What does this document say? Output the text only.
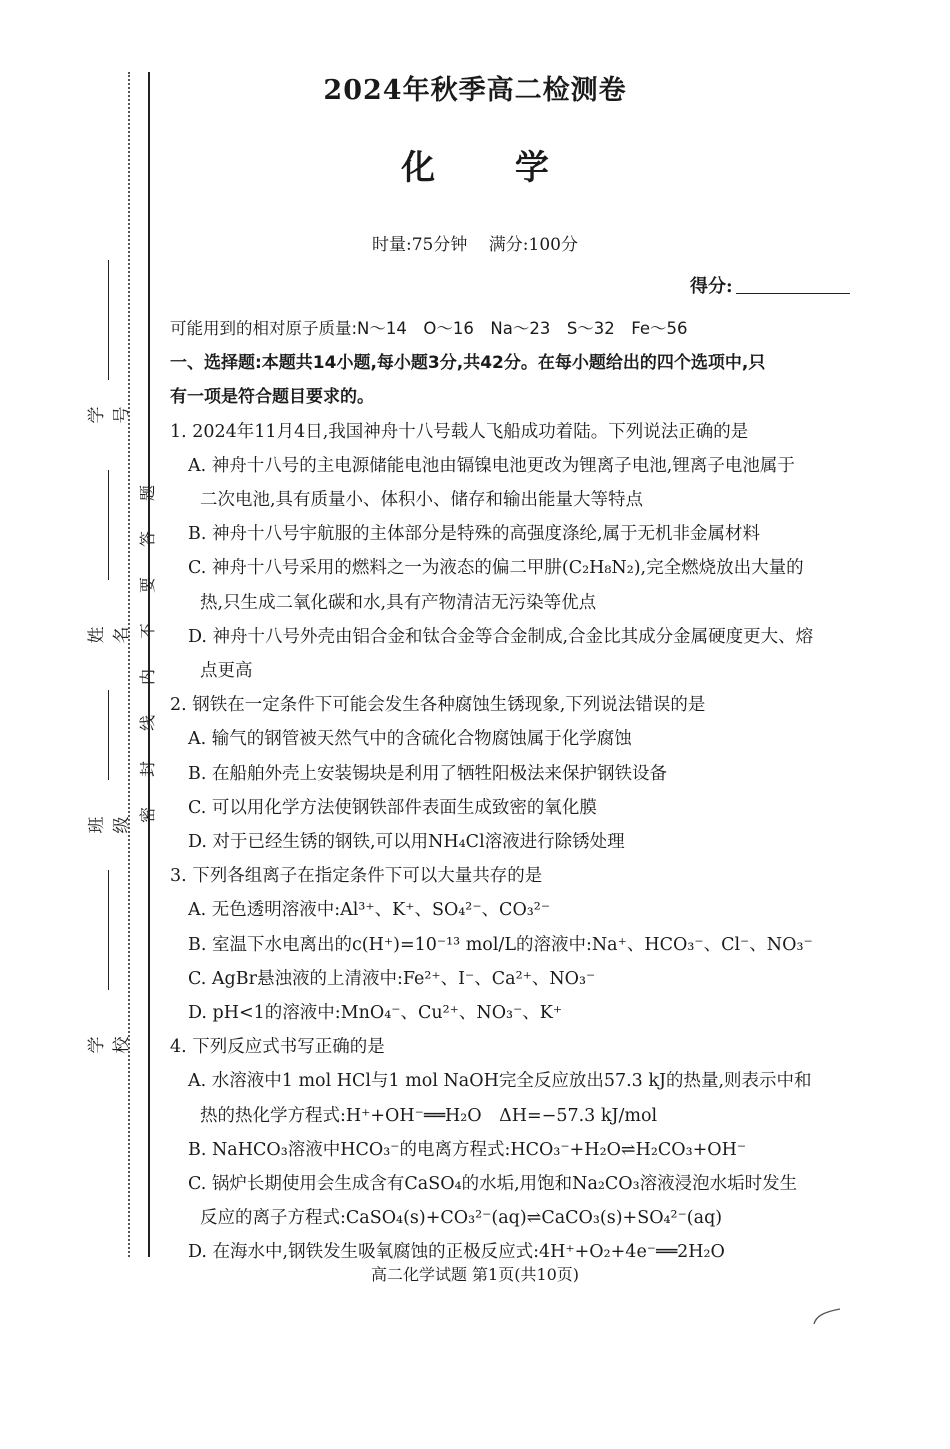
题
答
要
不
内
线
封
密
学号
姓名
班级
学校
2024年秋季高二检测卷
化 学
时量:75分钟 满分:100分
得分:

可能用到的相对原子质量:N～14　O～16　Na～23　S～32　Fe～56

一、选择题:本题共14小题,每小题3分,共42分。在每小题给出的四个选项中,只

有一项是符合题目要求的。

1. 2024年11月4日,我国神舟十八号载人飞船成功着陆。下列说法正确的是

A. 神舟十八号的主电源储能电池由镉镍电池更改为锂离子电池,锂离子电池属于

二次电池,具有质量小、体积小、储存和输出能量大等特点

B. 神舟十八号宇航服的主体部分是特殊的高强度涤纶,属于无机非金属材料

C. 神舟十八号采用的燃料之一为液态的偏二甲肼(C₂H₈N₂),完全燃烧放出大量的

热,只生成二氧化碳和水,具有产物清洁无污染等优点

D. 神舟十八号外壳由铝合金和钛合金等合金制成,合金比其成分金属硬度更大、熔

点更高

2. 钢铁在一定条件下可能会发生各种腐蚀生锈现象,下列说法错误的是

A. 输气的钢管被天然气中的含硫化合物腐蚀属于化学腐蚀

B. 在船舶外壳上安装锡块是利用了牺牲阳极法来保护钢铁设备

C. 可以用化学方法使钢铁部件表面生成致密的氧化膜

D. 对于已经生锈的钢铁,可以用NH₄Cl溶液进行除锈处理

3. 下列各组离子在指定条件下可以大量共存的是

A. 无色透明溶液中:Al³⁺、K⁺、SO₄²⁻、CO₃²⁻

B. 室温下水电离出的c(H⁺)=10⁻¹³ mol/L的溶液中:Na⁺、HCO₃⁻、Cl⁻、NO₃⁻

C. AgBr悬浊液的上清液中:Fe²⁺、I⁻、Ca²⁺、NO₃⁻

D. pH<1的溶液中:MnO₄⁻、Cu²⁺、NO₃⁻、K⁺

4. 下列反应式书写正确的是

A. 水溶液中1 mol HCl与1 mol NaOH完全反应放出57.3 kJ的热量,则表示中和

热的热化学方程式:H⁺+OH⁻══H₂O　ΔH=−57.3 kJ/mol

B. NaHCO₃溶液中HCO₃⁻的电离方程式:HCO₃⁻+H₂O⇌H₂CO₃+OH⁻

C. 锅炉长期使用会生成含有CaSO₄的水垢,用饱和Na₂CO₃溶液浸泡水垢时发生

反应的离子方程式:CaSO₄(s)+CO₃²⁻(aq)⇌CaCO₃(s)+SO₄²⁻(aq)

D. 在海水中,钢铁发生吸氧腐蚀的正极反应式:4H⁺+O₂+4e⁻══2H₂O

高二化学试题 第1页(共10页)
